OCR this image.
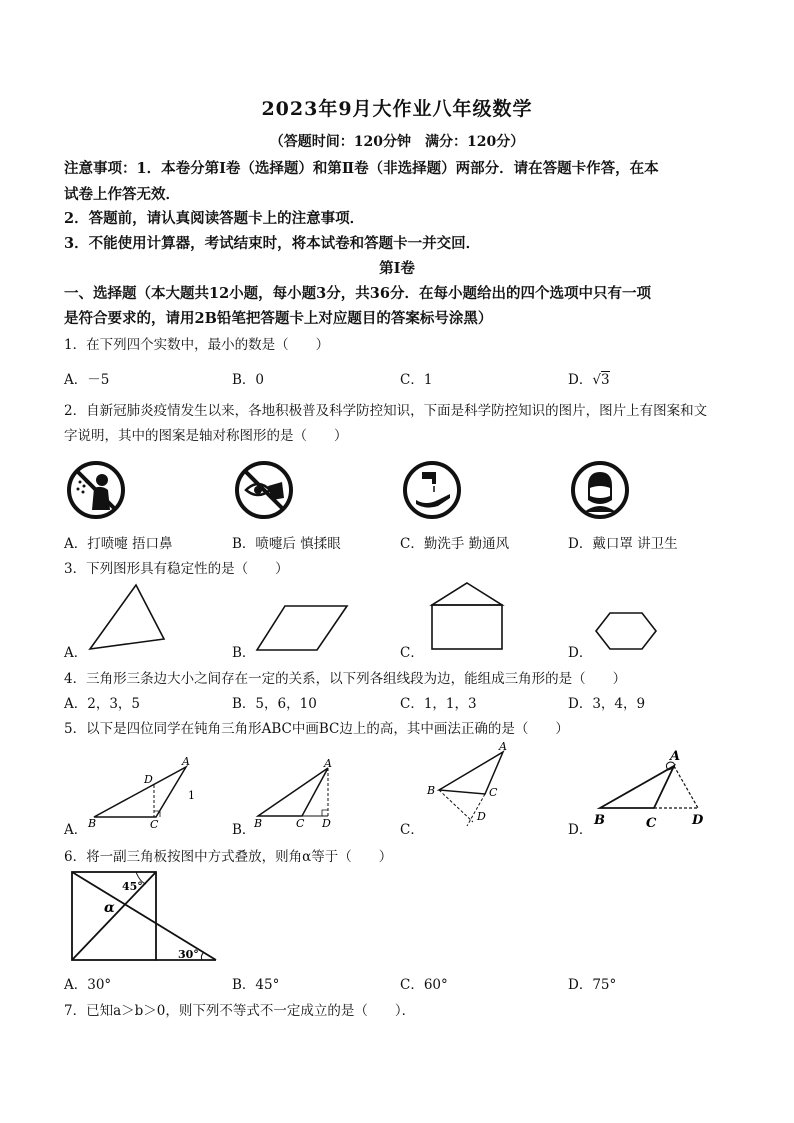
2023年9月大作业八年级数学
（答题时间：120分钟　满分：120分）
注意事项：1．本卷分第Ⅰ卷（选择题）和第Ⅱ卷（非选择题）两部分．请在答题卡作答，在本
试卷上作答无效．
2．答题前，请认真阅读答题卡上的注意事项．
3．不能使用计算器，考试结束时，将本试卷和答题卡一并交回．
第Ⅰ卷
一、选择题（本大题共12小题，每小题3分，共36分．在每小题给出的四个选项中只有一项
是符合要求的，请用2B铅笔把答题卡上对应题目的答案标号涂黑）
1．在下列四个实数中，最小的数是（　　）
A．－5	B．0	C．1	D．√3
2．自新冠肺炎疫情发生以来，各地积极普及科学防控知识，下面是科学防控知识的图片，图片上有图案和文
字说明，其中的图案是轴对称图形的是（　　）
A．打喷嚏 捂口鼻	B．喷嚏后 慎揉眼	C．勤洗手 勤通风	D．戴口罩 讲卫生
3．下列图形具有稳定性的是（　　）
A．	B．	C．	D．
4．三角形三条边大小之间存在一定的关系，以下列各组线段为边，能组成三角形的是（　　）
A．2，3，5	B．5，6，10	C．1，1，3	D．3，4，9
5．以下是四位同学在钝角三角形ABC中画BC边上的高，其中画法正确的是（　　）
A．	B．	C．	D．
A
B	C
D
1
A
B	C D
A
B	C
D
A
B	C	D
6．将一副三角板按图中方式叠放，则角α等于（　　）
45°
30°
α
A．30°	B．45°	C．60°	D．75°
7．已知a＞b＞0，则下列不等式不一定成立的是（　　）．
